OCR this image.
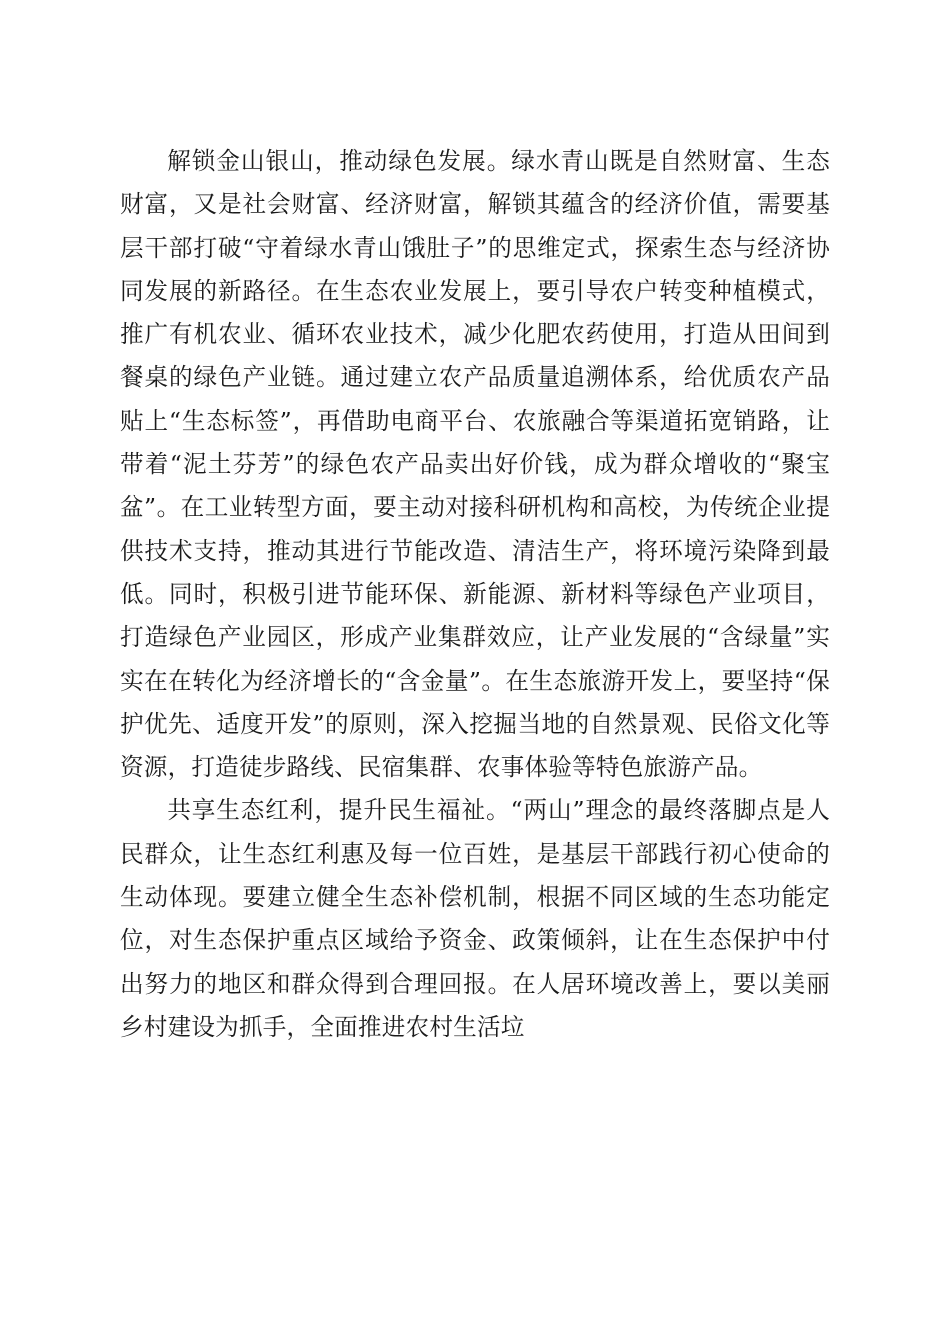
解锁金山银山，推动绿色发展。绿水青山既是自然财富、生态财富，又是社会财富、经济财富，解锁其蕴含的经济价值，需要基层干部打破“守着绿水青山饿肚子”的思维定式，探索生态与经济协同发展的新路径。在生态农业发展上，要引导农户转变种植模式，推广有机农业、循环农业技术，减少化肥农药使用，打造从田间到餐桌的绿色产业链。通过建立农产品质量追溯体系，给优质农产品贴上“生态标签”，再借助电商平台、农旅融合等渠道拓宽销路，让带着“泥土芬芳”的绿色农产品卖出好价钱，成为群众增收的“聚宝盆”。在工业转型方面，要主动对接科研机构和高校，为传统企业提供技术支持，推动其进行节能改造、清洁生产，将环境污染降到最低。同时，积极引进节能环保、新能源、新材料等绿色产业项目，打造绿色产业园区，形成产业集群效应，让产业发展的“含绿量”实实在在转化为经济增长的“含金量”。在生态旅游开发上，要坚持“保护优先、适度开发”的原则，深入挖掘当地的自然景观、民俗文化等资源，打造徒步路线、民宿集群、农事体验等特色旅游产品。

共享生态红利，提升民生福祉。“两山”理念的最终落脚点是人民群众，让生态红利惠及每一位百姓，是基层干部践行初心使命的生动体现。要建立健全生态补偿机制，根据不同区域的生态功能定位，对生态保护重点区域给予资金、政策倾斜，让在生态保护中付出努力的地区和群众得到合理回报。在人居环境改善上，要以美丽乡村建设为抓手，全面推进农村生活垃
